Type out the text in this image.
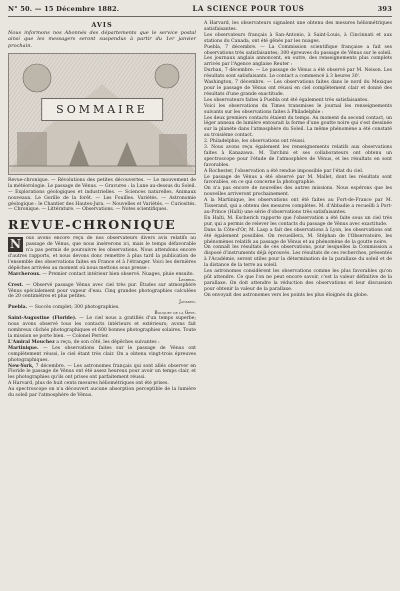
N° 50. — 15 Décembre 1882.	LA SCIENCE POUR TOUS	393
AVIS

Nous informons nos Abonnés des départements que le service postal ainsi que les messagers seront suspendus à partir du 1er janvier prochain.

SOMMAIRE

Revue-chronique. — Révolutions des petites découvertes. — Le mouvement de la météorologie. Le passage de Vénus. — Gravures : la Lune au-dessus du Soleil. — Explorations géologiques et industrielles. — Sciences naturelles. Animaux nouveaux. Le Gorille de la forêt. — Les Fouilles. Variétés. — Astronomie géologique : le Chantier des Hautes-Jura. — Nouvelles et Variétés. — Curiosités. — Chronique. — Littérature. — Observations. — Notes scientifiques.

REVUE-CHRONIQUE
N	ous avons encore reçu de nos observateurs divers avis relatifs au passage de Vénus, que nous insérerons ici, mais le temps défavorable n'a pas permis de poursuivre les observations. Nous attendons encore d'autres rapports, et nous devons donc remettre à plus tard la publication de l'ensemble des observations faites en France et à l'étranger. Voici les dernières dépêches arrivées au moment où nous mettons sous presse :

Marcheroux. — Premier contact intérieur bien observé. Nuages, pluie ensuite.

Lesbros.

Crest. — Observé passage Vénus avec ciel très pur. Études sur atmosphère Vénus spécialement pour vapeur d'eau. Cinq grandes photographies calculées de 20 centimètres et plus petites.

Janssen.

Puebla. — Succès complet; 300 photographies.

Bouquet de la Grye.

Saint-Augustine (Floride). — Le ciel nous a gratifiés d'un temps superbe; nous avons observé tous les contacts intérieurs et extérieurs; avons fait nombreux clichés photographiques et 600 bonnes photographies solaires. Toute la mission se porte bien. — Colonel Perrier.

L'Amiral Mouchez a reçu, de son côté, les dépêches suivantes :

Martinique. — Les observations faites sur le passage de Vénus ont complètement réussi, le ciel étant très clair. On a obtenu vingt-trois épreuves photographiques.

New-York, 7 décembre. — Les astronomes français qui sont allés observer en Floride le passage de Vénus ont été assez heureux pour avoir un temps clair, et les photographies qu'ils ont prises ont parfaitement réussi.

A Harvard, plus de huit cents mesures héliométriques ont été prises.

Au spectroscope on n'a découvert aucune absorption perceptible de la lumière du soleil par l'atmosphère de Vénus.

A Harvard, les observateurs signalent une obtenu des mesures héliométriques satisfaisantes.

Les observateurs français à San-Antonio, à Saint-Louis, à Cincinnati et aux stations du Canada, ont été gênés par les nuages.

Puebla, 7 décembre. — La Commission scientifique française a fait ses observations très satisfaisantes; 300 épreuves du passage de Vénus sur le soleil.

Les journaux anglais annoncent, en outre, des renseignements plus complets arrivés par l'Agence anglaise Reuter :

Durban, 7 décembre. — Le passage de Vénus a été observé par M. Neison. Les résultats sont satisfaisants. Le contact a commencé à 3 heures 30'.

Washington, 7 décembre. — Les observations faites dans le nord du Mexique pour le passage de Vénus ont réussi en ciel complètement clair et donné des résultats d'une grande exactitude.

Les observateurs faites à Puebla ont été également très satisfaisantes.

Voici les observations du Times transmises le journal les renseignements suivants sur les observations faites à Philadelphie :

Les deux premiers contacts étaient du temps. Au moment du second contact, un léger anneau de lumière entourait la forme d'une goutte noire qui s'est dessinée sur la planète dans l'atmosphère du Soleil. La même phénomène a été constaté au troisième contact.

2. Philadelphie, les observations ont réussi.

3. Nous avons reçu également les renseignements relatifs aux observations faites à Kanazawa. M. Tarchini et ses collaborateurs ont obtenu un spectroscope pour l'étude de l'atmosphère de Vénus, et les résultats en sont favorables.

A Rochester, l'observation a été rendue impossible par l'état du ciel.

Le passage de Vénus a été observé par M. Mallet, dont les résultats sont favorables, en ce qui concerne la photographie.

On n'a pas encore de nouvelles des autres missions. Nous espérons que les nouvelles arriveront prochainement.

A la Martinique, les observations ont été faites au Fort-de-France par M. Tisserand, qui a obtenu des mesures complètes. M. d'Abbadie a recueilli à Port-au-Prince (Haïti) une série d'observations très satisfaisantes.

En Haïti, M. Escherich rapporte que l'observation a été faite sous un ciel très pur, qui a permis de relever les contacts du passage de Vénus avec exactitude.

Dans la Côte-d'Or, M. Lasp a fait des observations à Lyon, les observations ont été également possibles. On recueillera, M. Stéphan de l'Observatoire, les phénomènes relatifs au passage de Vénus et au phénomène de la goutte noire.

On connaît les résultats de ces observations, pour lesquelles la Commission a disposé d'instruments déjà éprouvés. Les résultats de ces recherches, présentés à l'Académie, seront utiles pour la détermination de la parallaxe du soleil et de la distance de la terre au soleil.

Les astronomes considèrent les observations comme les plus favorables qu'on pût attendre. Ce que l'on ne peut encore savoir, c'est la valeur définitive de la parallaxe. On doit attendre la réduction des observations et leur discussion pour obtenir la valeur de la parallaxe.

On envoyait des astronomes vers les points les plus éloignés du globe.
